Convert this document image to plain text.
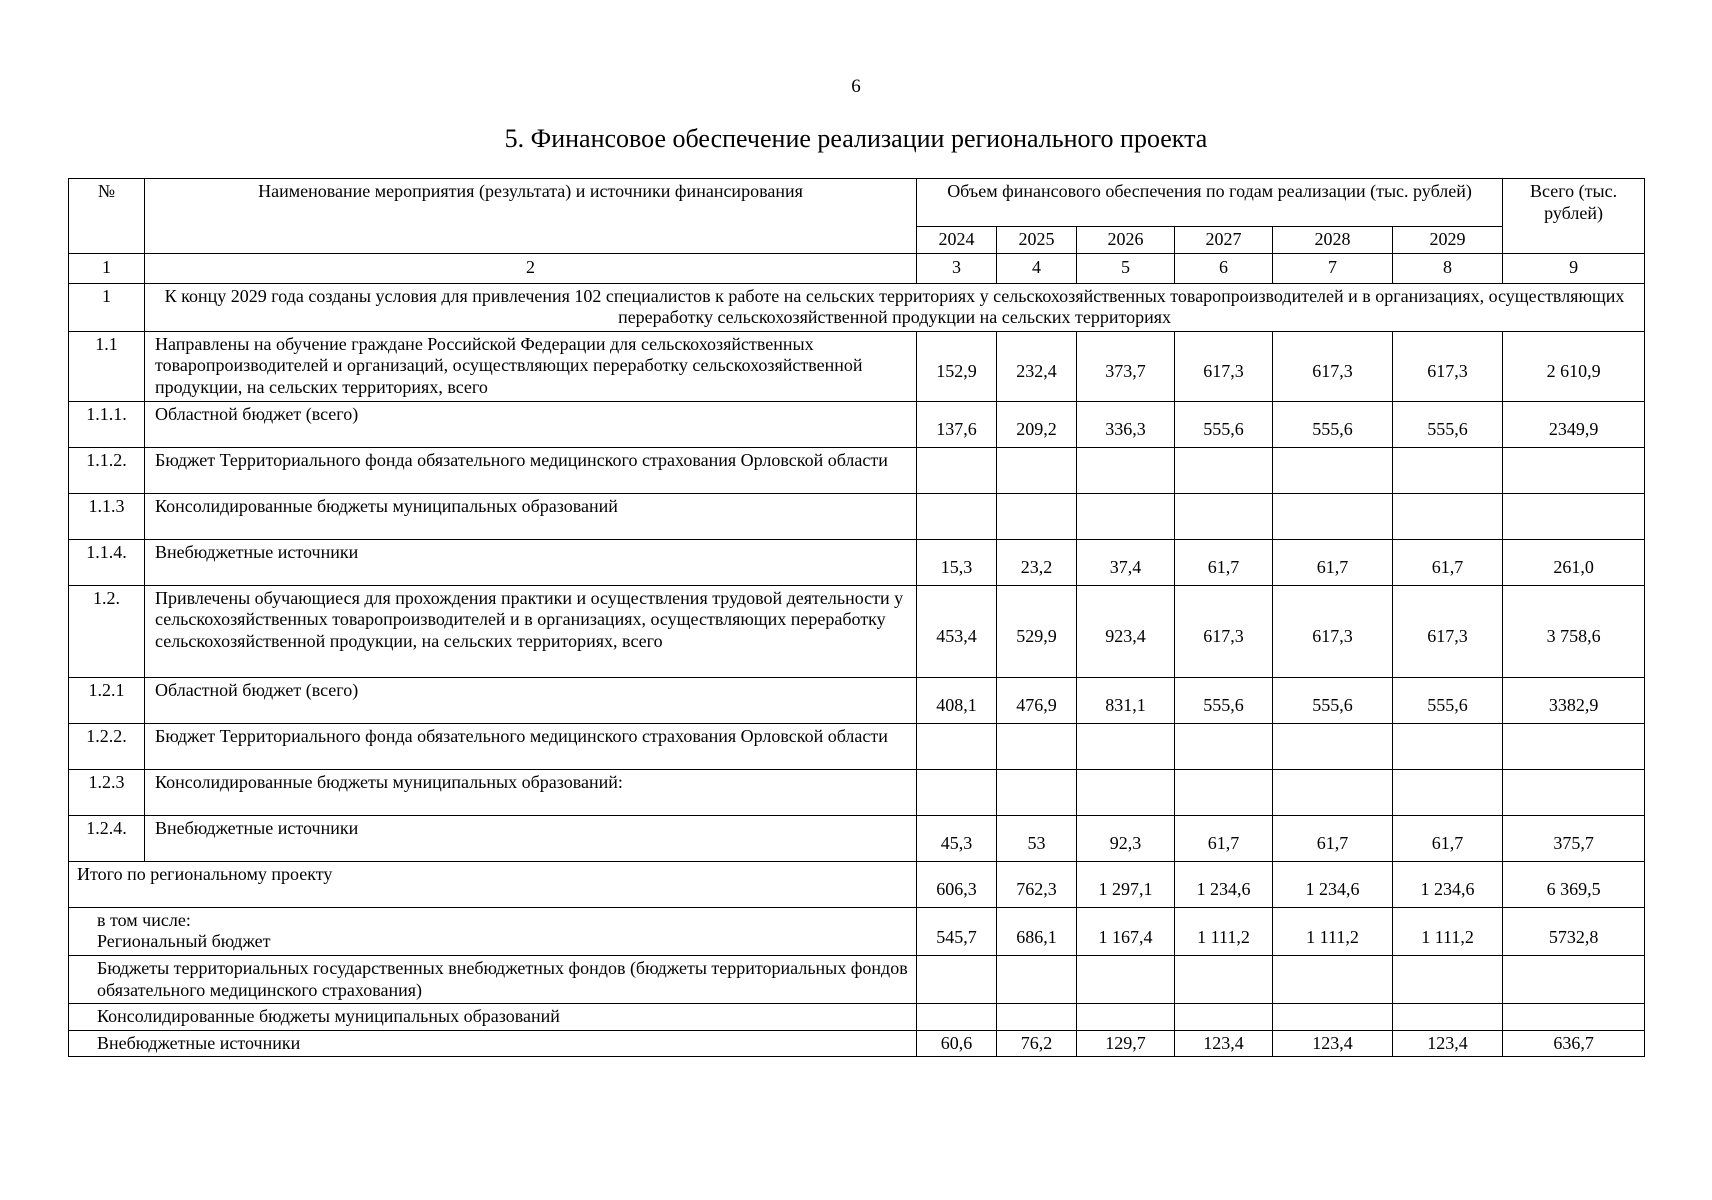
6
5. Финансовое обеспечение реализации регионального проекта
№	Наименование мероприятия (результата) и источники финансирования	Объем финансового обеспечения по годам реализации (тыс. рублей)						Всего (тыс. рублей)
		2024	2025	2026	2027	2028	2029	
1	2	3	4	5	6	7	8	9
1	К концу 2029 года созданы условия для привлечения 102 специалистов к работе на сельских территориях у сельскохозяйственных товаропроизводителей и в организациях, осуществляющих переработку сельскохозяйственной продукции на сельских территориях							
1.1	Направлены на обучение граждане Российской Федерации для сельскохозяйственных товаропроизводителей и организаций, осуществляющих переработку сельскохозяйственной продукции, на сельских территориях, всего	152,9	232,4	373,7	617,3	617,3	617,3	2 610,9
1.1.1.	Областной бюджет (всего)	137,6	209,2	336,3	555,6	555,6	555,6	2349,9
1.1.2.	Бюджет Территориального фонда обязательного медицинского страхования Орловской области							
1.1.3	Консолидированные бюджеты муниципальных образований							
1.1.4.	Внебюджетные источники	15,3	23,2	37,4	61,7	61,7	61,7	261,0
1.2.	Привлечены обучающиеся для прохождения практики и осуществления трудовой деятельности у сельскохозяйственных товаропроизводителей и в организациях, осуществляющих переработку сельскохозяйственной продукции, на сельских территориях, всего	453,4	529,9	923,4	617,3	617,3	617,3	3 758,6
1.2.1	Областной бюджет (всего)	408,1	476,9	831,1	555,6	555,6	555,6	3382,9
1.2.2.	Бюджет Территориального фонда обязательного медицинского страхования Орловской области							
1.2.3	Консолидированные бюджеты муниципальных образований:							
1.2.4.	Внебюджетные источники	45,3	53	92,3	61,7	61,7	61,7	375,7
Итого по региональному проекту		606,3	762,3	1 297,1	1 234,6	1 234,6	1 234,6	6 369,5

в том числе:
Региональный бюджет		545,7	686,1	1 167,4	1 111,2	1 111,2	1 111,2	5732,8
Бюджеты территориальных государственных внебюджетных фондов (бюджеты территориальных фондов обязательного медицинского страхования)								
Консолидированные бюджеты муниципальных образований								
Внебюджетные источники		60,6	76,2	129,7	123,4	123,4	123,4	636,7
